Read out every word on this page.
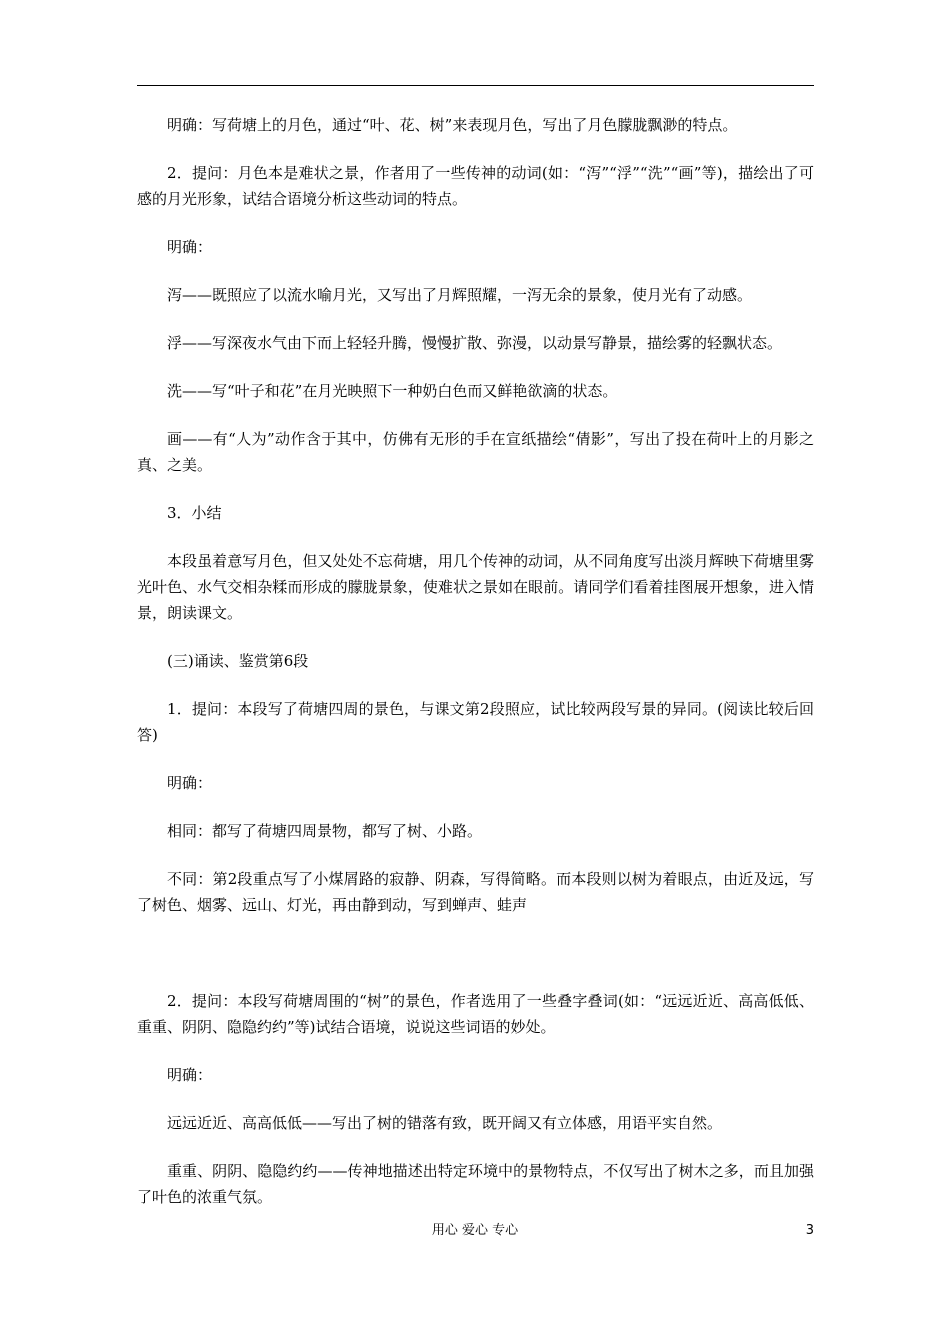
明确：写荷塘上的月色，通过“叶、花、树”来表现月色，写出了月色朦胧飘渺的特点。

2．提问：月色本是难状之景，作者用了一些传神的动词(如：“泻”“浮”“洗”“画”等)，描绘出了可感的月光形象，试结合语境分析这些动词的特点。

明确：

泻——既照应了以流水喻月光，又写出了月辉照耀，一泻无余的景象，使月光有了动感。

浮——写深夜水气由下而上轻轻升腾，慢慢扩散、弥漫，以动景写静景，描绘雾的轻飘状态。

洗——写“叶子和花”在月光映照下一种奶白色而又鲜艳欲滴的状态。

画——有“人为”动作含于其中，仿佛有无形的手在宣纸描绘“倩影”，写出了投在荷叶上的月影之真、之美。

3．小结

本段虽着意写月色，但又处处不忘荷塘，用几个传神的动词，从不同角度写出淡月辉映下荷塘里雾光叶色、水气交相杂糅而形成的朦胧景象，使难状之景如在眼前。请同学们看着挂图展开想象，进入情景，朗读课文。

(三)诵读、鉴赏第6段

1．提问：本段写了荷塘四周的景色，与课文第2段照应，试比较两段写景的异同。(阅读比较后回答)

明确：

相同：都写了荷塘四周景物，都写了树、小路。

不同：第2段重点写了小煤屑路的寂静、阴森，写得简略。而本段则以树为着眼点，由近及远，写了树色、烟雾、远山、灯光，再由静到动，写到蝉声、蛙声

2．提问：本段写荷塘周围的“树”的景色，作者选用了一些叠字叠词(如：“远远近近、高高低低、重重、阴阴、隐隐约约”等)试结合语境，说说这些词语的妙处。

明确：

远远近近、高高低低——写出了树的错落有致，既开阔又有立体感，用语平实自然。

重重、阴阴、隐隐约约——传神地描述出特定环境中的景物特点，不仅写出了树木之多，而且加强了叶色的浓重气氛。

用心 爱心 专心	3
